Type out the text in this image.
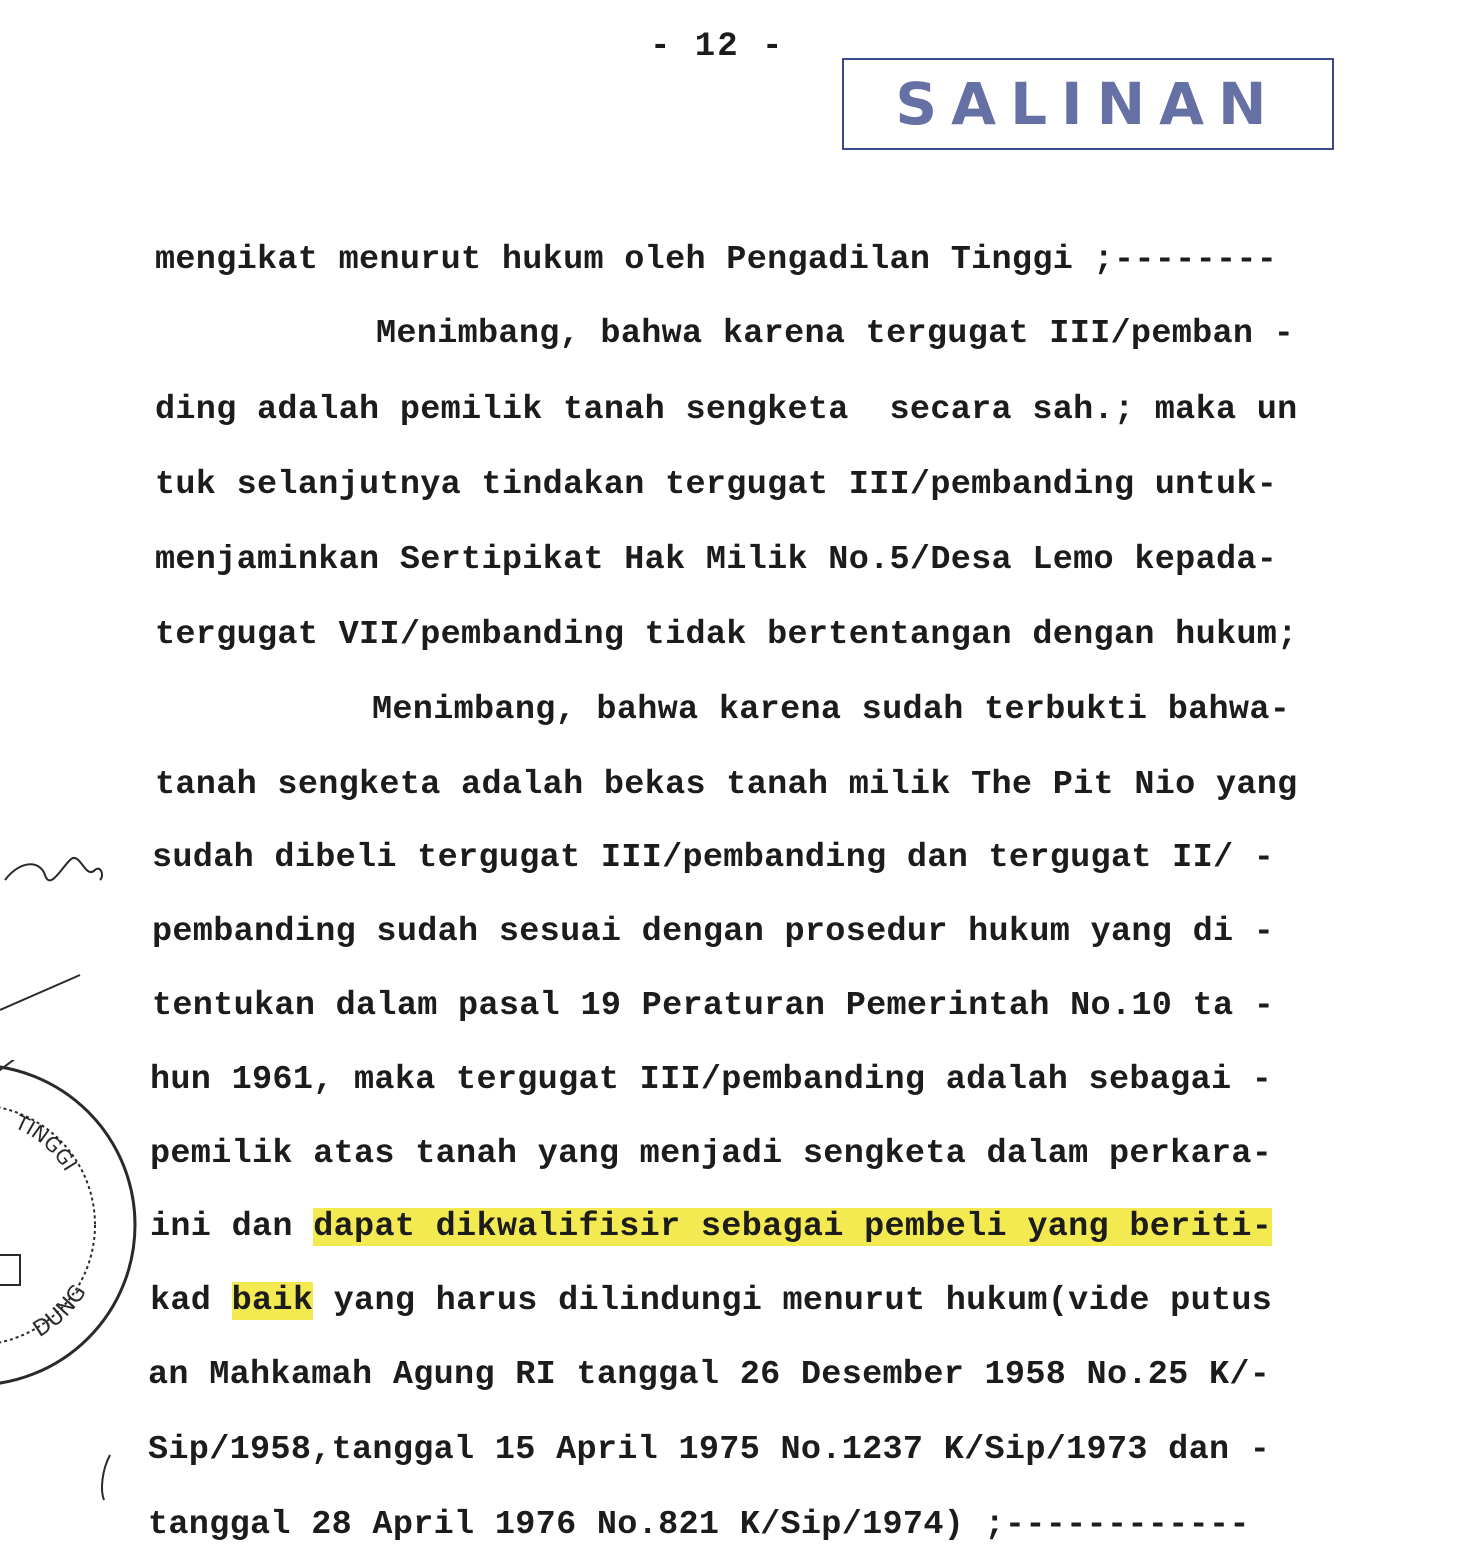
- 12 -
SALINAN
mengikat menurut hukum oleh Pengadilan Tinggi ;--------
Menimbang, bahwa karena tergugat III/pemban -
ding adalah pemilik tanah sengketa  secara sah.; maka un
tuk selanjutnya tindakan tergugat III/pembanding untuk-
menjaminkan Sertipikat Hak Milik No.5/Desa Lemo kepada-
tergugat VII/pembanding tidak bertentangan dengan hukum;
Menimbang, bahwa karena sudah terbukti bahwa-
tanah sengketa adalah bekas tanah milik The Pit Nio yang
sudah dibeli tergugat III/pembanding dan tergugat II/ -
pembanding sudah sesuai dengan prosedur hukum yang di -
tentukan dalam pasal 19 Peraturan Pemerintah No.10 ta -
hun 1961, maka tergugat III/pembanding adalah sebagai -
pemilik atas tanah yang menjadi sengketa dalam perkara-
ini dan dapat dikwalifisir sebagai pembeli yang beriti-
kad baik yang harus dilindungi menurut hukum(vide putus
an Mahkamah Agung RI tanggal 26 Desember 1958 No.25 K/-
Sip/1958,tanggal 15 April 1975 No.1237 K/Sip/1973 dan -
tanggal 28 April 1976 No.821 K/Sip/1974) ;------------
TINGGI
DUNG
